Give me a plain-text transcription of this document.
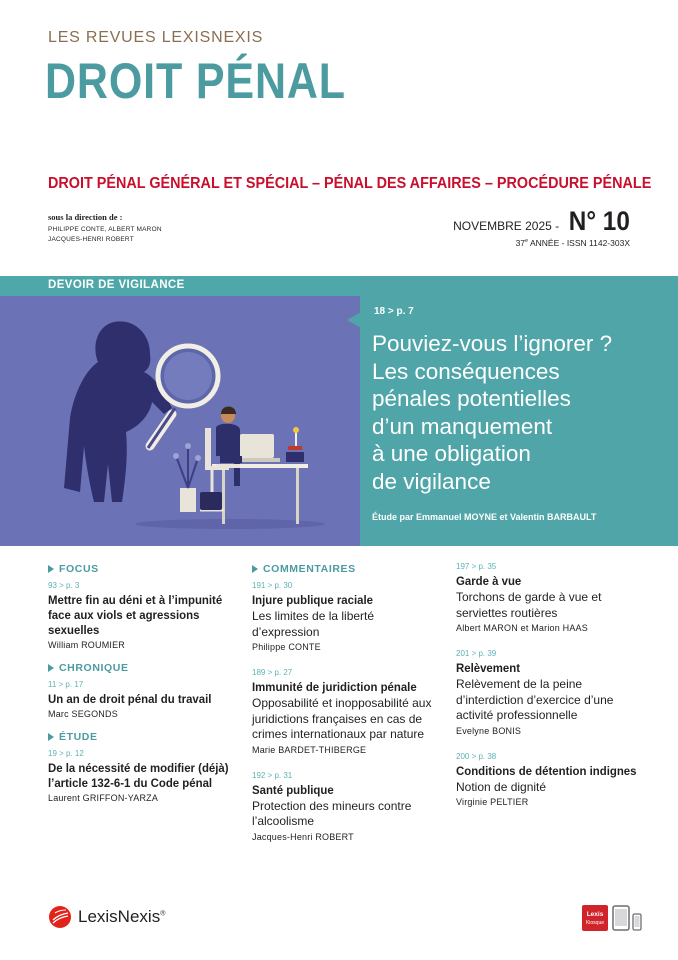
LES REVUES LEXISNEXIS
DROIT PÉNAL
DROIT PÉNAL GÉNÉRAL ET SPÉCIAL – PÉNAL DES AFFAIRES – PROCÉDURE PÉNALE
sous la direction de :
PHILIPPE CONTE, ALBERT MARON
JACQUES-HENRI ROBERT
NOVEMBRE 2025 - N° 10
37e ANNÉE - ISSN 1142-303X
DEVOIR DE VIGILANCE
18 > p. 7
Pouviez-vous l’ignorer ?
Les conséquences
pénales potentielles
d’un manquement
à une obligation
de vigilance
Étude par Emmanuel MOYNE et Valentin BARBAULT
FOCUS
93 > p. 3
Mettre fin au déni et à l’impunité face aux viols et agressions sexuelles
William ROUMIER
CHRONIQUE
11 > p. 17
Un an de droit pénal du travail
Marc SEGONDS
ÉTUDE
19 > p. 12
De la nécessité de modifier (déjà) l’article 132-6-1 du Code pénal
Laurent GRIFFON-YARZA
COMMENTAIRES
191 > p. 30
Injure publique raciale
Les limites de la liberté d’expression
Philippe CONTE
189 > p. 27
Immunité de juridiction pénale
Opposabilité et inopposabilité aux juridictions françaises en cas de crimes internationaux par nature
Marie BARDET-THIBERGE
192 > p. 31
Santé publique
Protection des mineurs contre l’alcoolisme
Jacques-Henri ROBERT
197 > p. 35
Garde à vue
Torchons de garde à vue et serviettes routières
Albert MARON et Marion HAAS
201 > p. 39
Relèvement
Relèvement de la peine d’interdiction d’exercice d’une activité professionnelle
Evelyne BONIS
200 > p. 38
Conditions de détention indignes
Notion de dignité
Virginie PELTIER
LexisNexis®	Lexis
Kiosque
